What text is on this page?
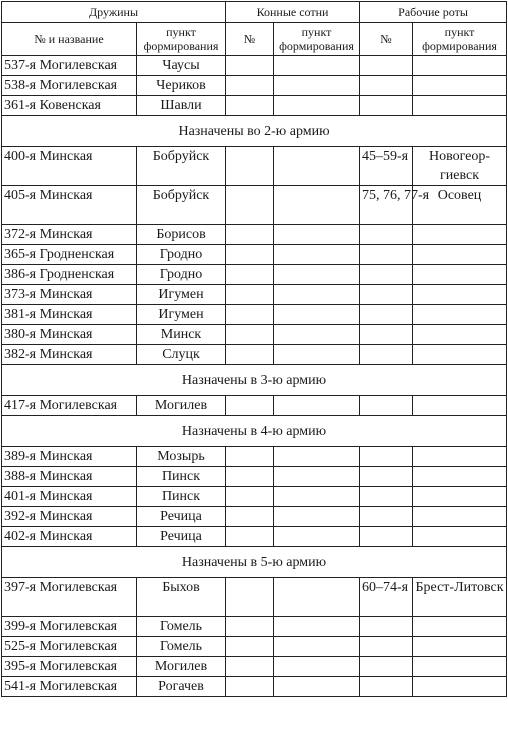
Дружины		Конные сотни		Рабочие роты	
№ и название	пункт формирования	№	пункт формирования	№	пункт формирования
537-я Могилевская	Чаусы				
538-я Могилевская	Чериков				
361-я Ковенская	Шавли				
Назначены во 2-ю армию					
400-я Минская	Бобруйск			45–59-я	Новогеор-гиевск
405-я Минская	Бобруйск			75, 76, 77-я	Осовец
372-я Минская	Борисов				
365-я Гродненская	Гродно				
386-я Гродненская	Гродно				
373-я Минская	Игумен				
381-я Минская	Игумен				
380-я Минская	Минск				
382-я Минская	Слуцк				
Назначены в 3-ю армию					
417-я Могилевская	Могилев				
Назначены в 4-ю армию					
389-я Минская	Мозырь				
388-я Минская	Пинск				
401-я Минская	Пинск				
392-я Минская	Речица				
402-я Минская	Речица				
Назначены в 5-ю армию					
397-я Могилевская	Быхов			60–74-я	Брест-Литовск
399-я Могилевская	Гомель				
525-я Могилевская	Гомель				
395-я Могилевская	Могилев				
541-я Могилевская	Рогачев				
